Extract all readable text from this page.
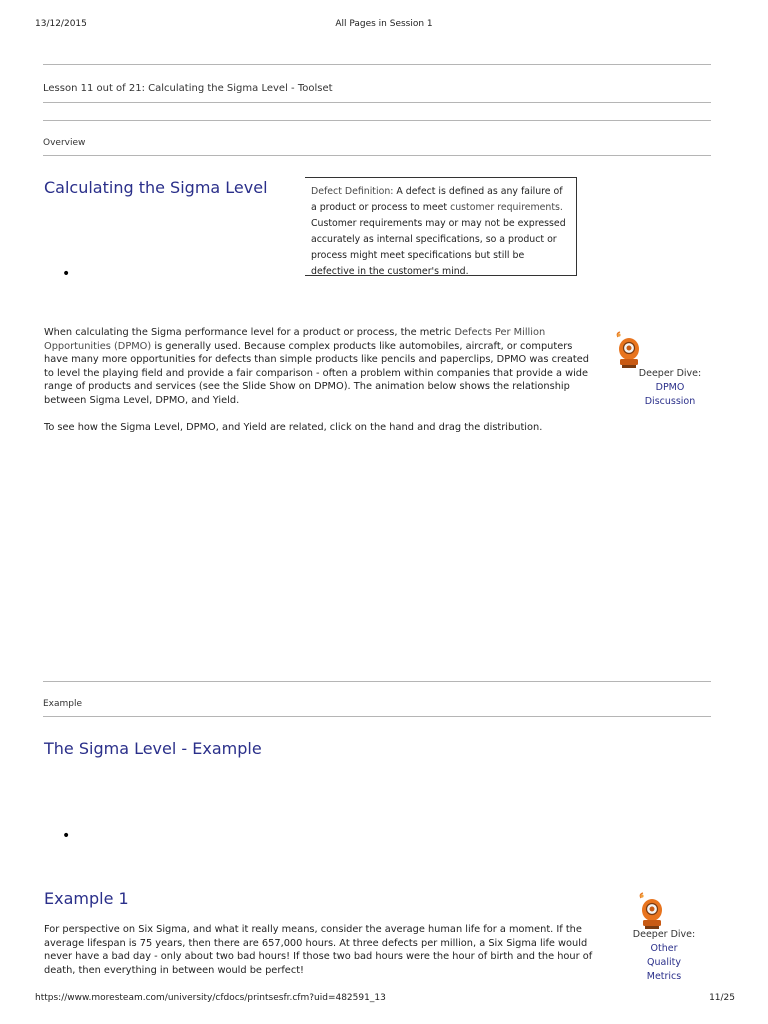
13/12/2015	All Pages in Session 1
Lesson 11 out of 21: Calculating the Sigma Level - Toolset
Overview
Calculating the Sigma Level	Defect Definition: A defect is defined as any failure of a product or process to meet customer requirements. Customer requirements may or may not be expressed accurately as internal specifications, so a product or process might meet specifications but still be defective in the customer's mind.
•
When calculating the Sigma performance level for a product or process, the metric Defects Per Million Opportunities (DPMO) is generally used. Because complex products like automobiles, aircraft, or computers have many more opportunities for defects than simple products like pencils and paperclips, DPMO was created to level the playing field and provide a fair comparison - often a problem within companies that provide a wide range of products and services (see the Slide Show on DPMO). The animation below shows the relationship between Sigma Level, DPMO, and Yield.
To see how the Sigma Level, DPMO, and Yield are related, click on the hand and drag the distribution.
Deeper Dive:
DPMO
Discussion
Example
The Sigma Level - Example
•
Example 1
For perspective on Six Sigma, and what it really means, consider the average human life for a moment. If the average lifespan is 75 years, then there are 657,000 hours. At three defects per million, a Six Sigma life would never have a bad day - only about two bad hours! If those two bad hours were the hour of birth and the hour of death, then everything in between would be perfect!
Deeper Dive:
Other
Quality
Metrics
https://www.moresteam.com/university/cfdocs/printsesfr.cfm?uid=482591_13	11/25
